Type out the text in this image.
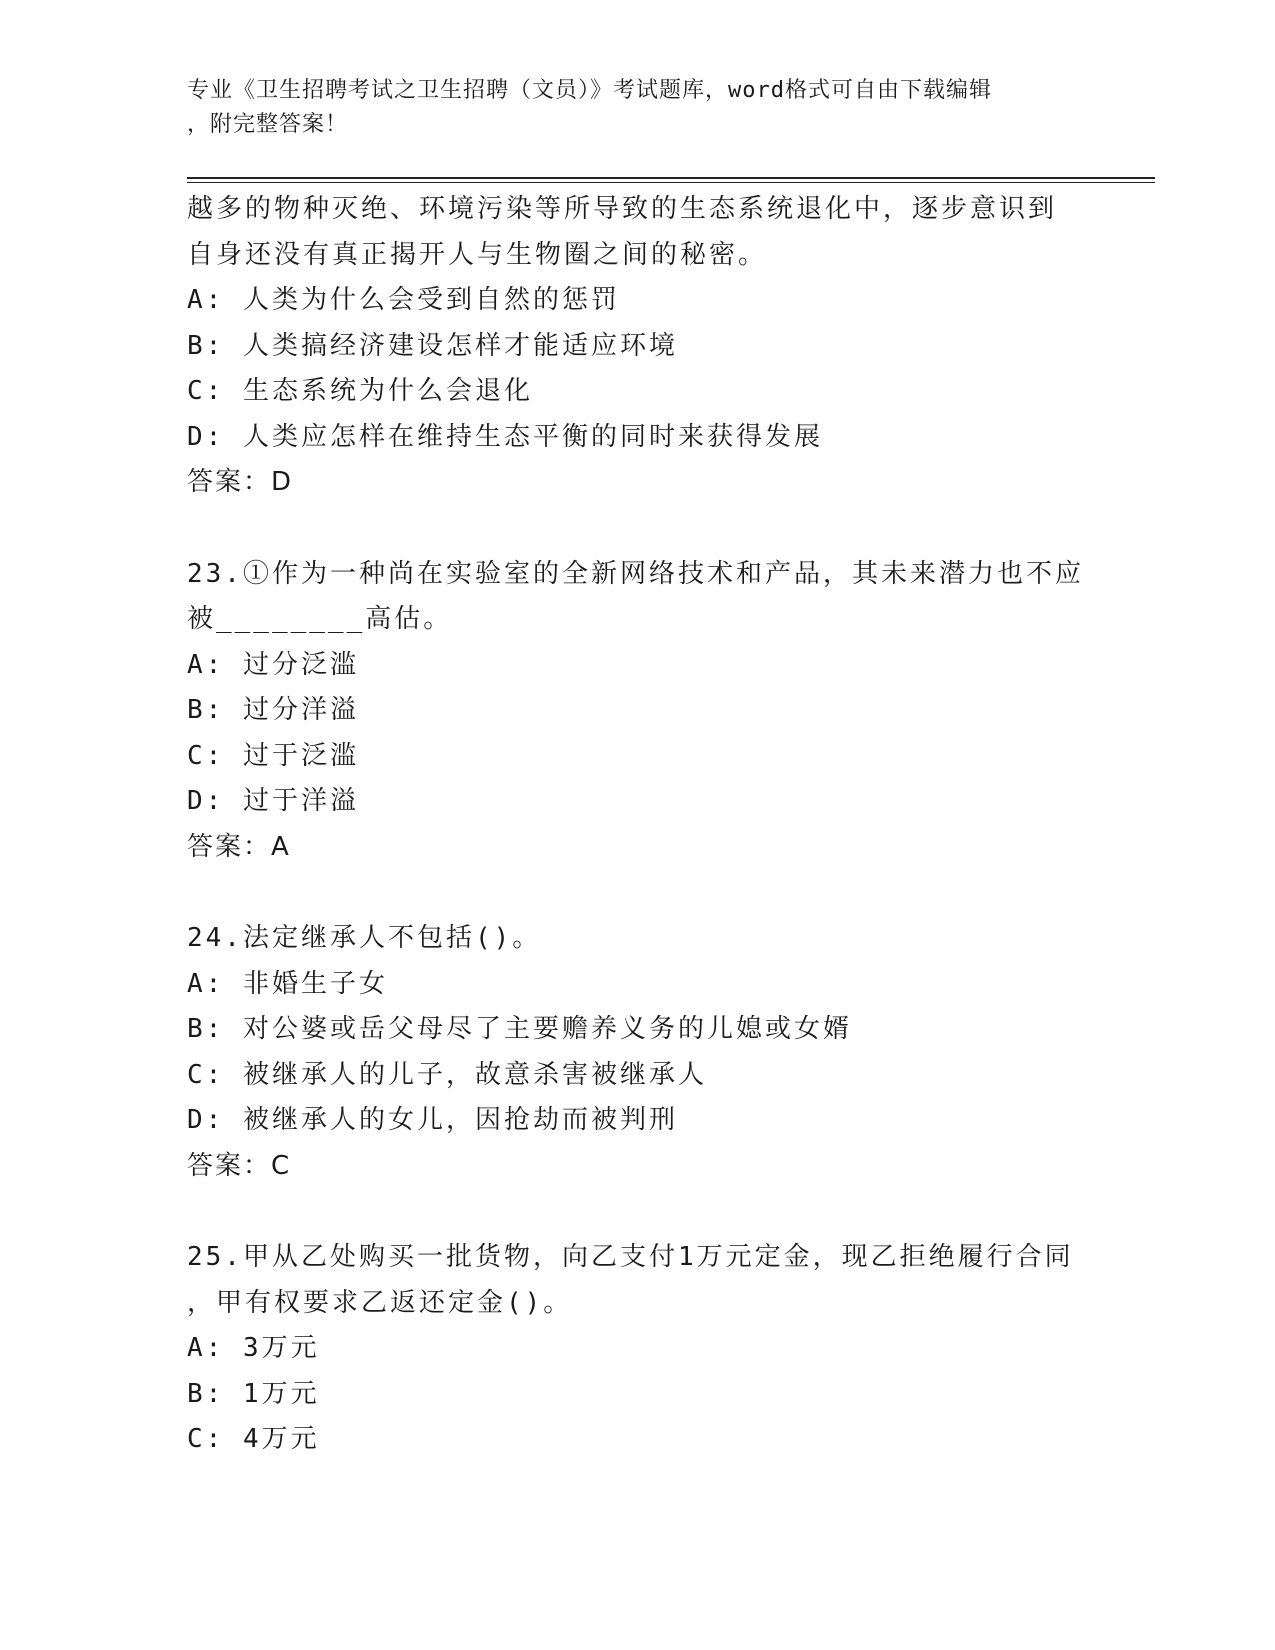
专业《卫生招聘考试之卫生招聘（文员）》考试题库，word格式可自由下载编辑
，附完整答案！

越多的物种灭绝、环境污染等所导致的生态系统退化中，逐步意识到

自身还没有真正揭开人与生物圈之间的秘密。

A: 人类为什么会受到自然的惩罚

B: 人类搞经济建设怎样才能适应环境

C: 生态系统为什么会退化

D: 人类应怎样在维持生态平衡的同时来获得发展

答案：D

23.①作为一种尚在实验室的全新网络技术和产品，其未来潜力也不应

被________高估。

A: 过分泛滥

B: 过分洋溢

C: 过于泛滥

D: 过于洋溢

答案：A

24.法定继承人不包括()。

A: 非婚生子女

B: 对公婆或岳父母尽了主要赡养义务的儿媳或女婿

C: 被继承人的儿子，故意杀害被继承人

D: 被继承人的女儿，因抢劫而被判刑

答案：C

25.甲从乙处购买一批货物，向乙支付1万元定金，现乙拒绝履行合同

，甲有权要求乙返还定金()。

A: 3万元

B: 1万元

C: 4万元
